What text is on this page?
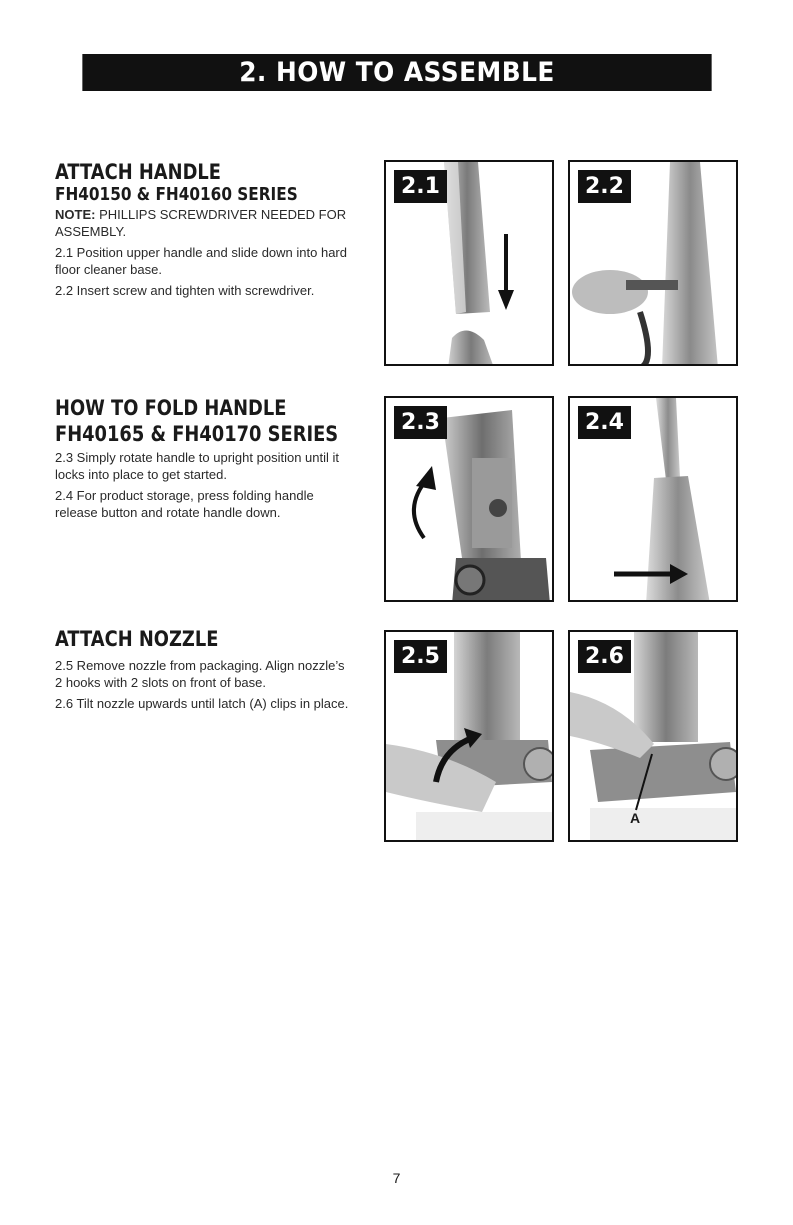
2. HOW TO ASSEMBLE
ATTACH HANDLE
FH40150 & FH40160 SERIES

NOTE: PHILLIPS SCREWDRIVER NEEDED FOR ASSEMBLY.

2.1 Position upper handle and slide down into hard floor cleaner base.

2.2 Insert screw and tighten with screwdriver.

HOW TO FOLD HANDLE
FH40165 & FH40170 SERIES

2.3 Simply rotate handle to upright position until it locks into place to get started.

2.4 For product storage, press folding handle release button and rotate handle down.

ATTACH NOZZLE

2.5 Remove nozzle from packaging. Align nozzle’s 2 hooks with 2 slots on front of base.

2.6 Tilt nozzle upwards until latch (A) clips in place.

2.1	2.2
2.3	2.4
2.5	2.6
A
7
